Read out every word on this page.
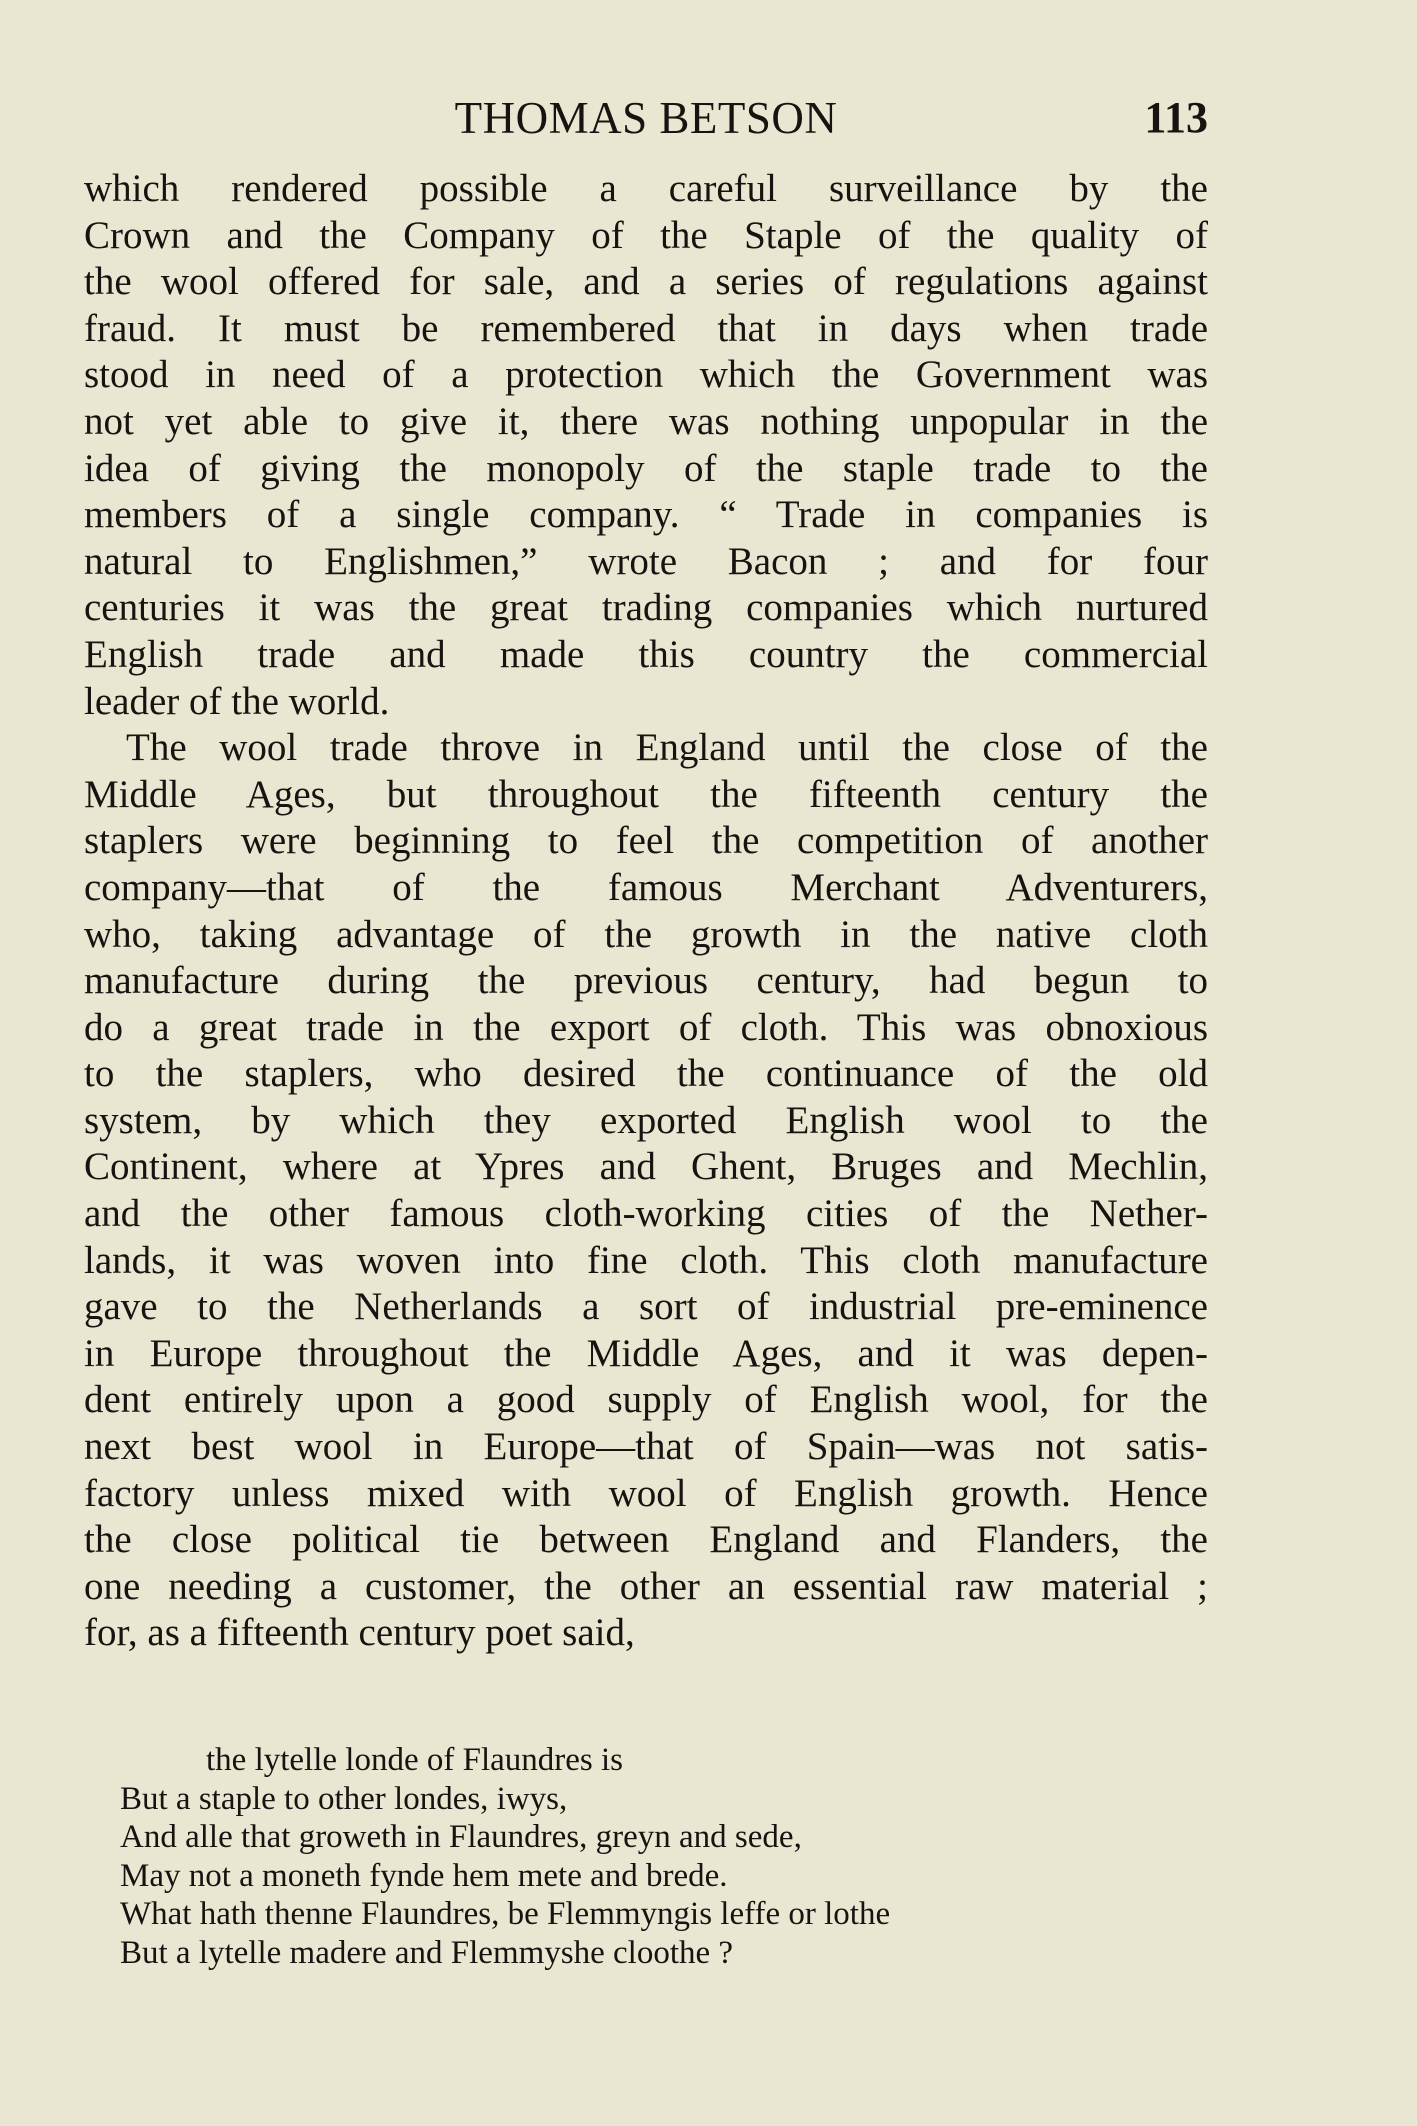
THOMAS BETSON	113
which rendered possible a careful surveillance by the
Crown and the Company of the Staple of the quality of
the wool offered for sale, and a series of regulations against
fraud. It must be remembered that in days when trade
stood in need of a protection which the Government was
not yet able to give it, there was nothing unpopular in the
idea of giving the monopoly of the staple trade to the
members of a single company. “ Trade in companies is
natural to Englishmen,” wrote Bacon ; and for four
centuries it was the great trading companies which nurtured
English trade and made this country the commercial
leader of the world.
The wool trade throve in England until the close of the
Middle Ages, but throughout the fifteenth century the
staplers were beginning to feel the competition of another
company—that of the famous Merchant Adventurers,
who, taking advantage of the growth in the native cloth
manufacture during the previous century, had begun to
do a great trade in the export of cloth. This was obnoxious
to the staplers, who desired the continuance of the old
system, by which they exported English wool to the
Continent, where at Ypres and Ghent, Bruges and Mechlin,
and the other famous cloth-working cities of the Nether-
lands, it was woven into fine cloth. This cloth manufacture
gave to the Netherlands a sort of industrial pre-eminence
in Europe throughout the Middle Ages, and it was depen-
dent entirely upon a good supply of English wool, for the
next best wool in Europe—that of Spain—was not satis-
factory unless mixed with wool of English growth. Hence
the close political tie between England and Flanders, the
one needing a customer, the other an essential raw material ;
for, as a fifteenth century poet said,
the lytelle londe of Flaundres is
But a staple to other londes, iwys,
And alle that groweth in Flaundres, greyn and sede,
May not a moneth fynde hem mete and brede.
What hath thenne Flaundres, be Flemmyngis leffe or lothe
But a lytelle madere and Flemmyshe cloothe ?
